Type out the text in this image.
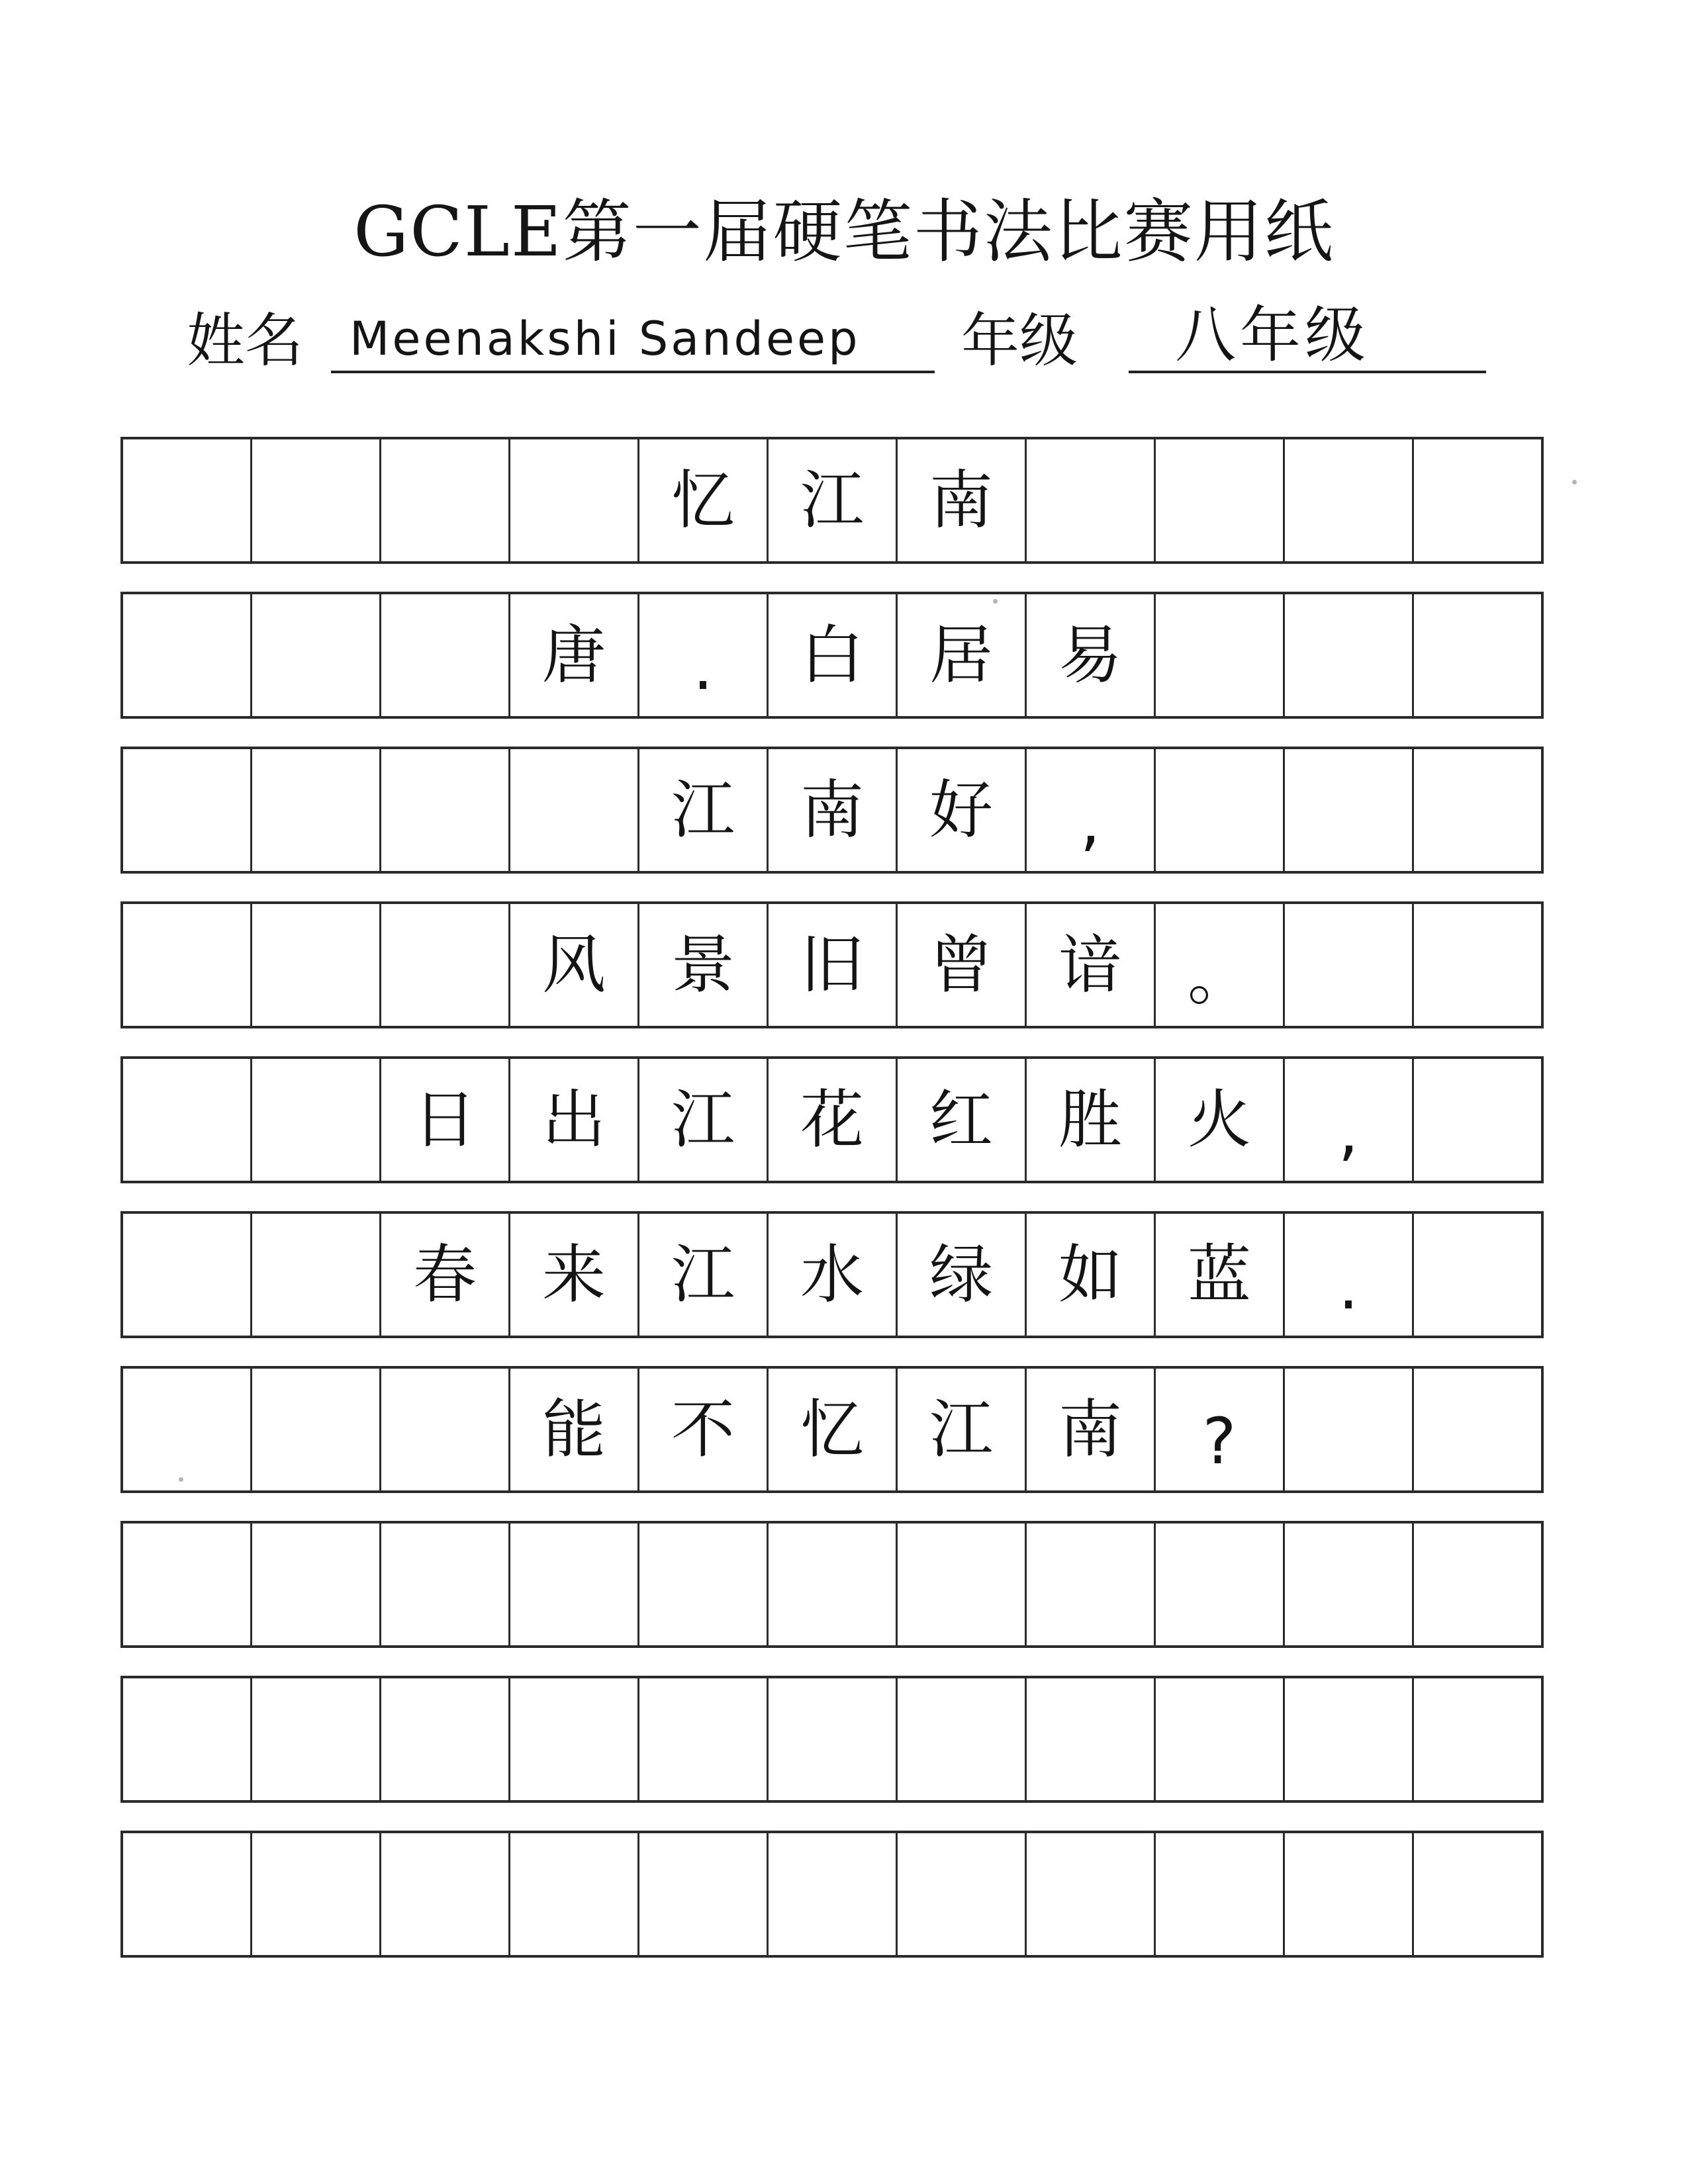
GCLE第一届硬笔书法比赛用纸
姓名 Meenakshi Sandeep 年级 八年级
忆	江	南
唐	.	白	居	易
江	南	好	,
风	景	旧	曾	谙	。
日	出	江	花	红	胜	火	,
春	来	江	水	绿	如	蓝	.
能	不	忆	江	南	?
